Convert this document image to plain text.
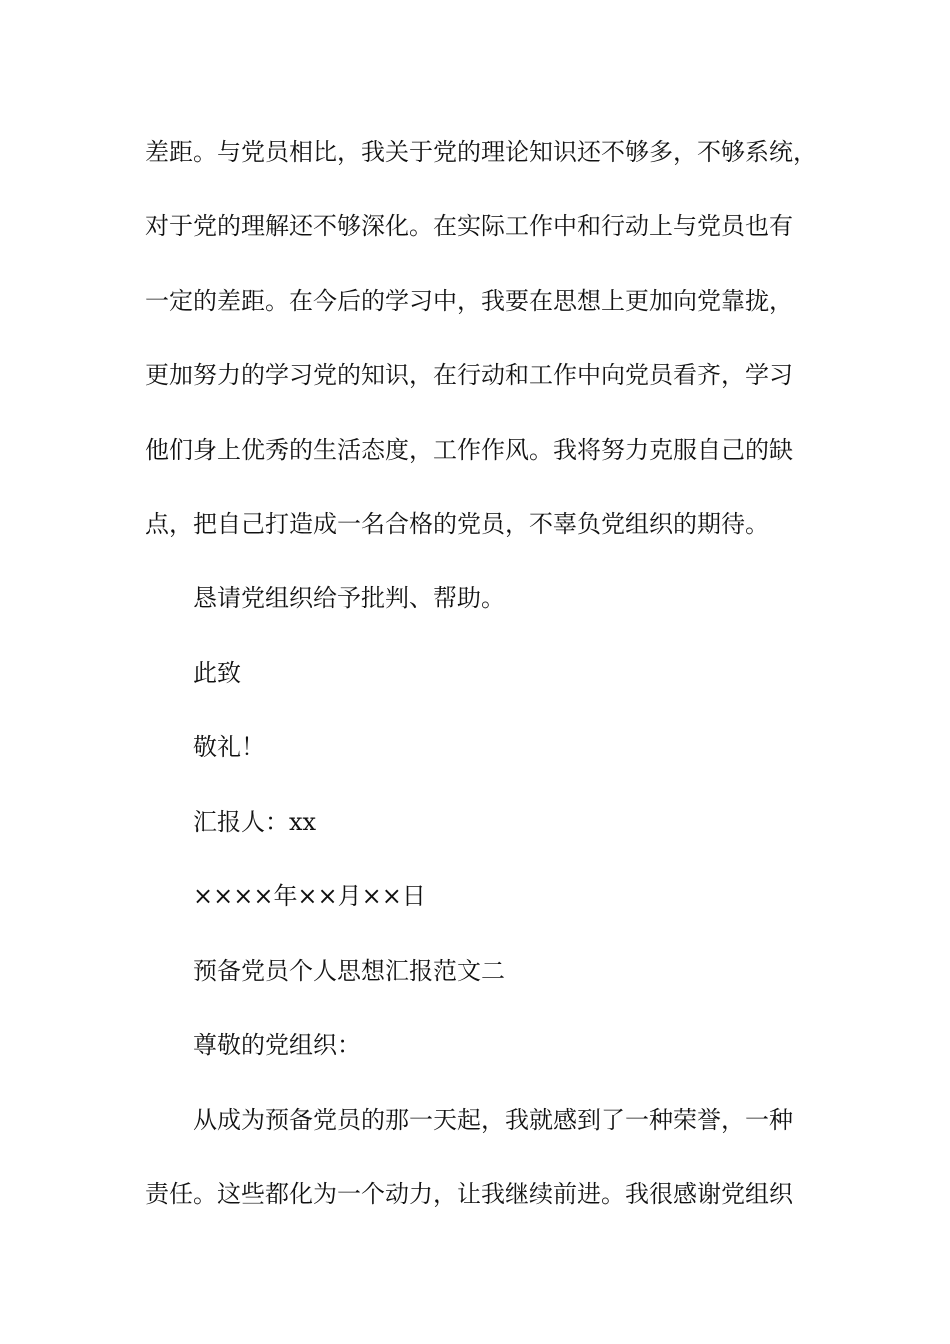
差距。与党员相比，我关于党的理论知识还不够多，不够系统，
对于党的理解还不够深化。在实际工作中和行动上与党员也有
一定的差距。在今后的学习中，我要在思想上更加向党靠拢，
更加努力的学习党的知识，在行动和工作中向党员看齐，学习
他们身上优秀的生活态度，工作作风。我将努力克服自己的缺
点，把自己打造成一名合格的党员，不辜负党组织的期待。
恳请党组织给予批判、帮助。
此致
敬礼！
汇报人：xx
××××年××月××日
预备党员个人思想汇报范文二
尊敬的党组织：
从成为预备党员的那一天起，我就感到了一种荣誉，一种
责任。这些都化为一个动力，让我继续前进。我很感谢党组织
